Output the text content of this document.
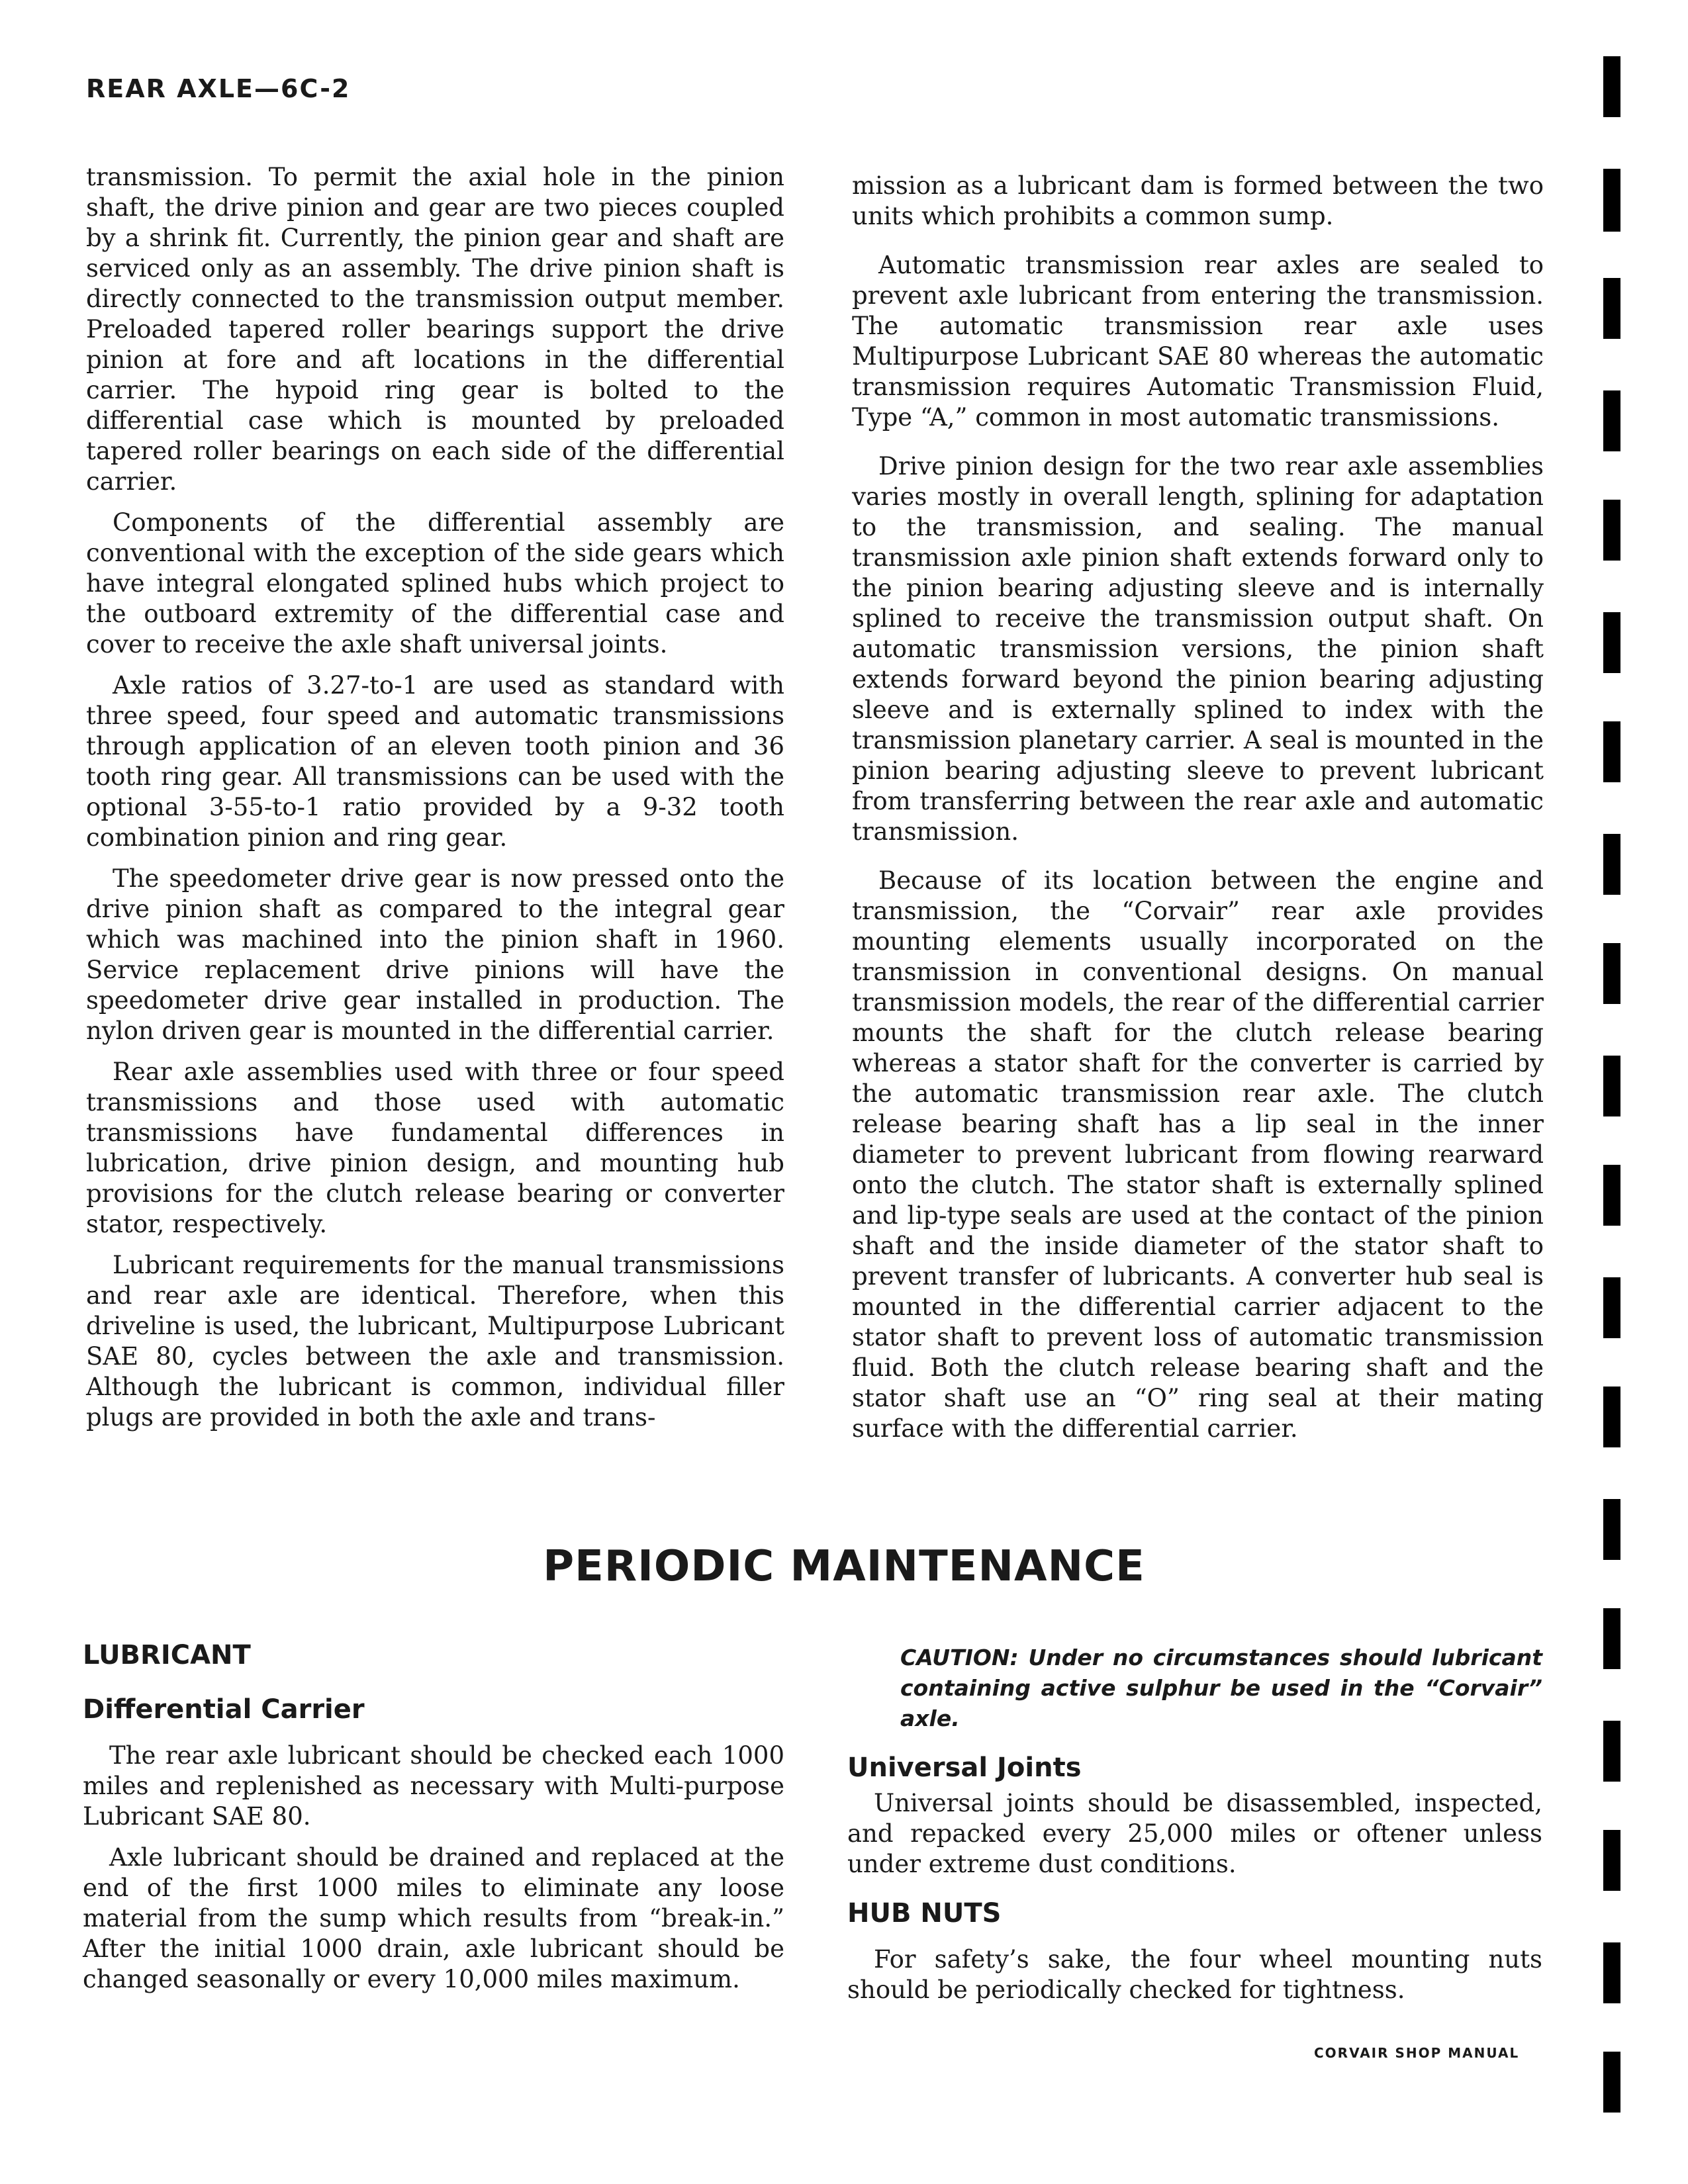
REAR AXLE—6C-2

transmission. To permit the axial hole in the pinion shaft, the drive pinion and gear are two pieces coupled by a shrink fit. Currently, the pinion gear and shaft are serviced only as an assembly. The drive pinion shaft is directly connected to the transmission output member. Preloaded tapered roller bearings support the drive pinion at fore and aft locations in the differential carrier. The hypoid ring gear is bolted to the differential case which is mounted by preloaded tapered roller bearings on each side of the differential carrier.

Components of the differential assembly are conventional with the exception of the side gears which have integral elongated splined hubs which project to the outboard extremity of the differential case and cover to receive the axle shaft universal joints.

Axle ratios of 3.27-to-1 are used as standard with three speed, four speed and automatic transmissions through application of an eleven tooth pinion and 36 tooth ring gear. All transmissions can be used with the optional 3-55-to-1 ratio provided by a 9-32 tooth combination pinion and ring gear.

The speedometer drive gear is now pressed onto the drive pinion shaft as compared to the integral gear which was machined into the pinion shaft in 1960. Service replacement drive pinions will have the speedometer drive gear installed in production. The nylon driven gear is mounted in the differential carrier.

Rear axle assemblies used with three or four speed transmissions and those used with automatic transmissions have fundamental differences in lubrication, drive pinion design, and mounting hub provisions for the clutch release bearing or converter stator, respectively.

Lubricant requirements for the manual transmissions and rear axle are identical. Therefore, when this driveline is used, the lubricant, Multipurpose Lubricant SAE 80, cycles between the axle and transmission. Although the lubricant is common, individual filler plugs are provided in both the axle and trans-

mission as a lubricant dam is formed between the two units which prohibits a common sump.

Automatic transmission rear axles are sealed to prevent axle lubricant from entering the transmission. The automatic transmission rear axle uses Multipurpose Lubricant SAE 80 whereas the automatic transmission requires Automatic Transmission Fluid, Type “A,” common in most automatic transmissions.

Drive pinion design for the two rear axle assemblies varies mostly in overall length, splining for adaptation to the transmission, and sealing. The manual transmission axle pinion shaft extends forward only to the pinion bearing adjusting sleeve and is internally splined to receive the transmission output shaft. On automatic transmission versions, the pinion shaft extends forward beyond the pinion bearing adjusting sleeve and is externally splined to index with the transmission planetary carrier. A seal is mounted in the pinion bearing adjusting sleeve to prevent lubricant from transferring between the rear axle and automatic transmission.

Because of its location between the engine and transmission, the “Corvair” rear axle provides mounting elements usually incorporated on the transmission in conventional designs. On manual transmission models, the rear of the differential carrier mounts the shaft for the clutch release bearing whereas a stator shaft for the converter is carried by the automatic transmission rear axle. The clutch release bearing shaft has a lip seal in the inner diameter to prevent lubricant from flowing rearward onto the clutch. The stator shaft is externally splined and lip-type seals are used at the contact of the pinion shaft and the inside diameter of the stator shaft to prevent transfer of lubricants. A converter hub seal is mounted in the differential carrier adjacent to the stator shaft to prevent loss of automatic transmission fluid. Both the clutch release bearing shaft and the stator shaft use an “O” ring seal at their mating surface with the differential carrier.

PERIODIC MAINTENANCE
LUBRICANT
Differential Carrier

The rear axle lubricant should be checked each 1000 miles and replenished as necessary with Multi-purpose Lubricant SAE 80.

Axle lubricant should be drained and replaced at the end of the first 1000 miles to eliminate any loose material from the sump which results from “break-in.” After the initial 1000 drain, axle lubricant should be changed seasonally or every 10,000 miles maximum.

CAUTION: Under no circumstances should lubricant containing active sulphur be used in the “Corvair” axle.
Universal Joints

Universal joints should be disassembled, inspected, and repacked every 25,000 miles or oftener unless under extreme dust conditions.

HUB NUTS

For safety’s sake, the four wheel mounting nuts should be periodically checked for tightness.

CORVAIR SHOP MANUAL
